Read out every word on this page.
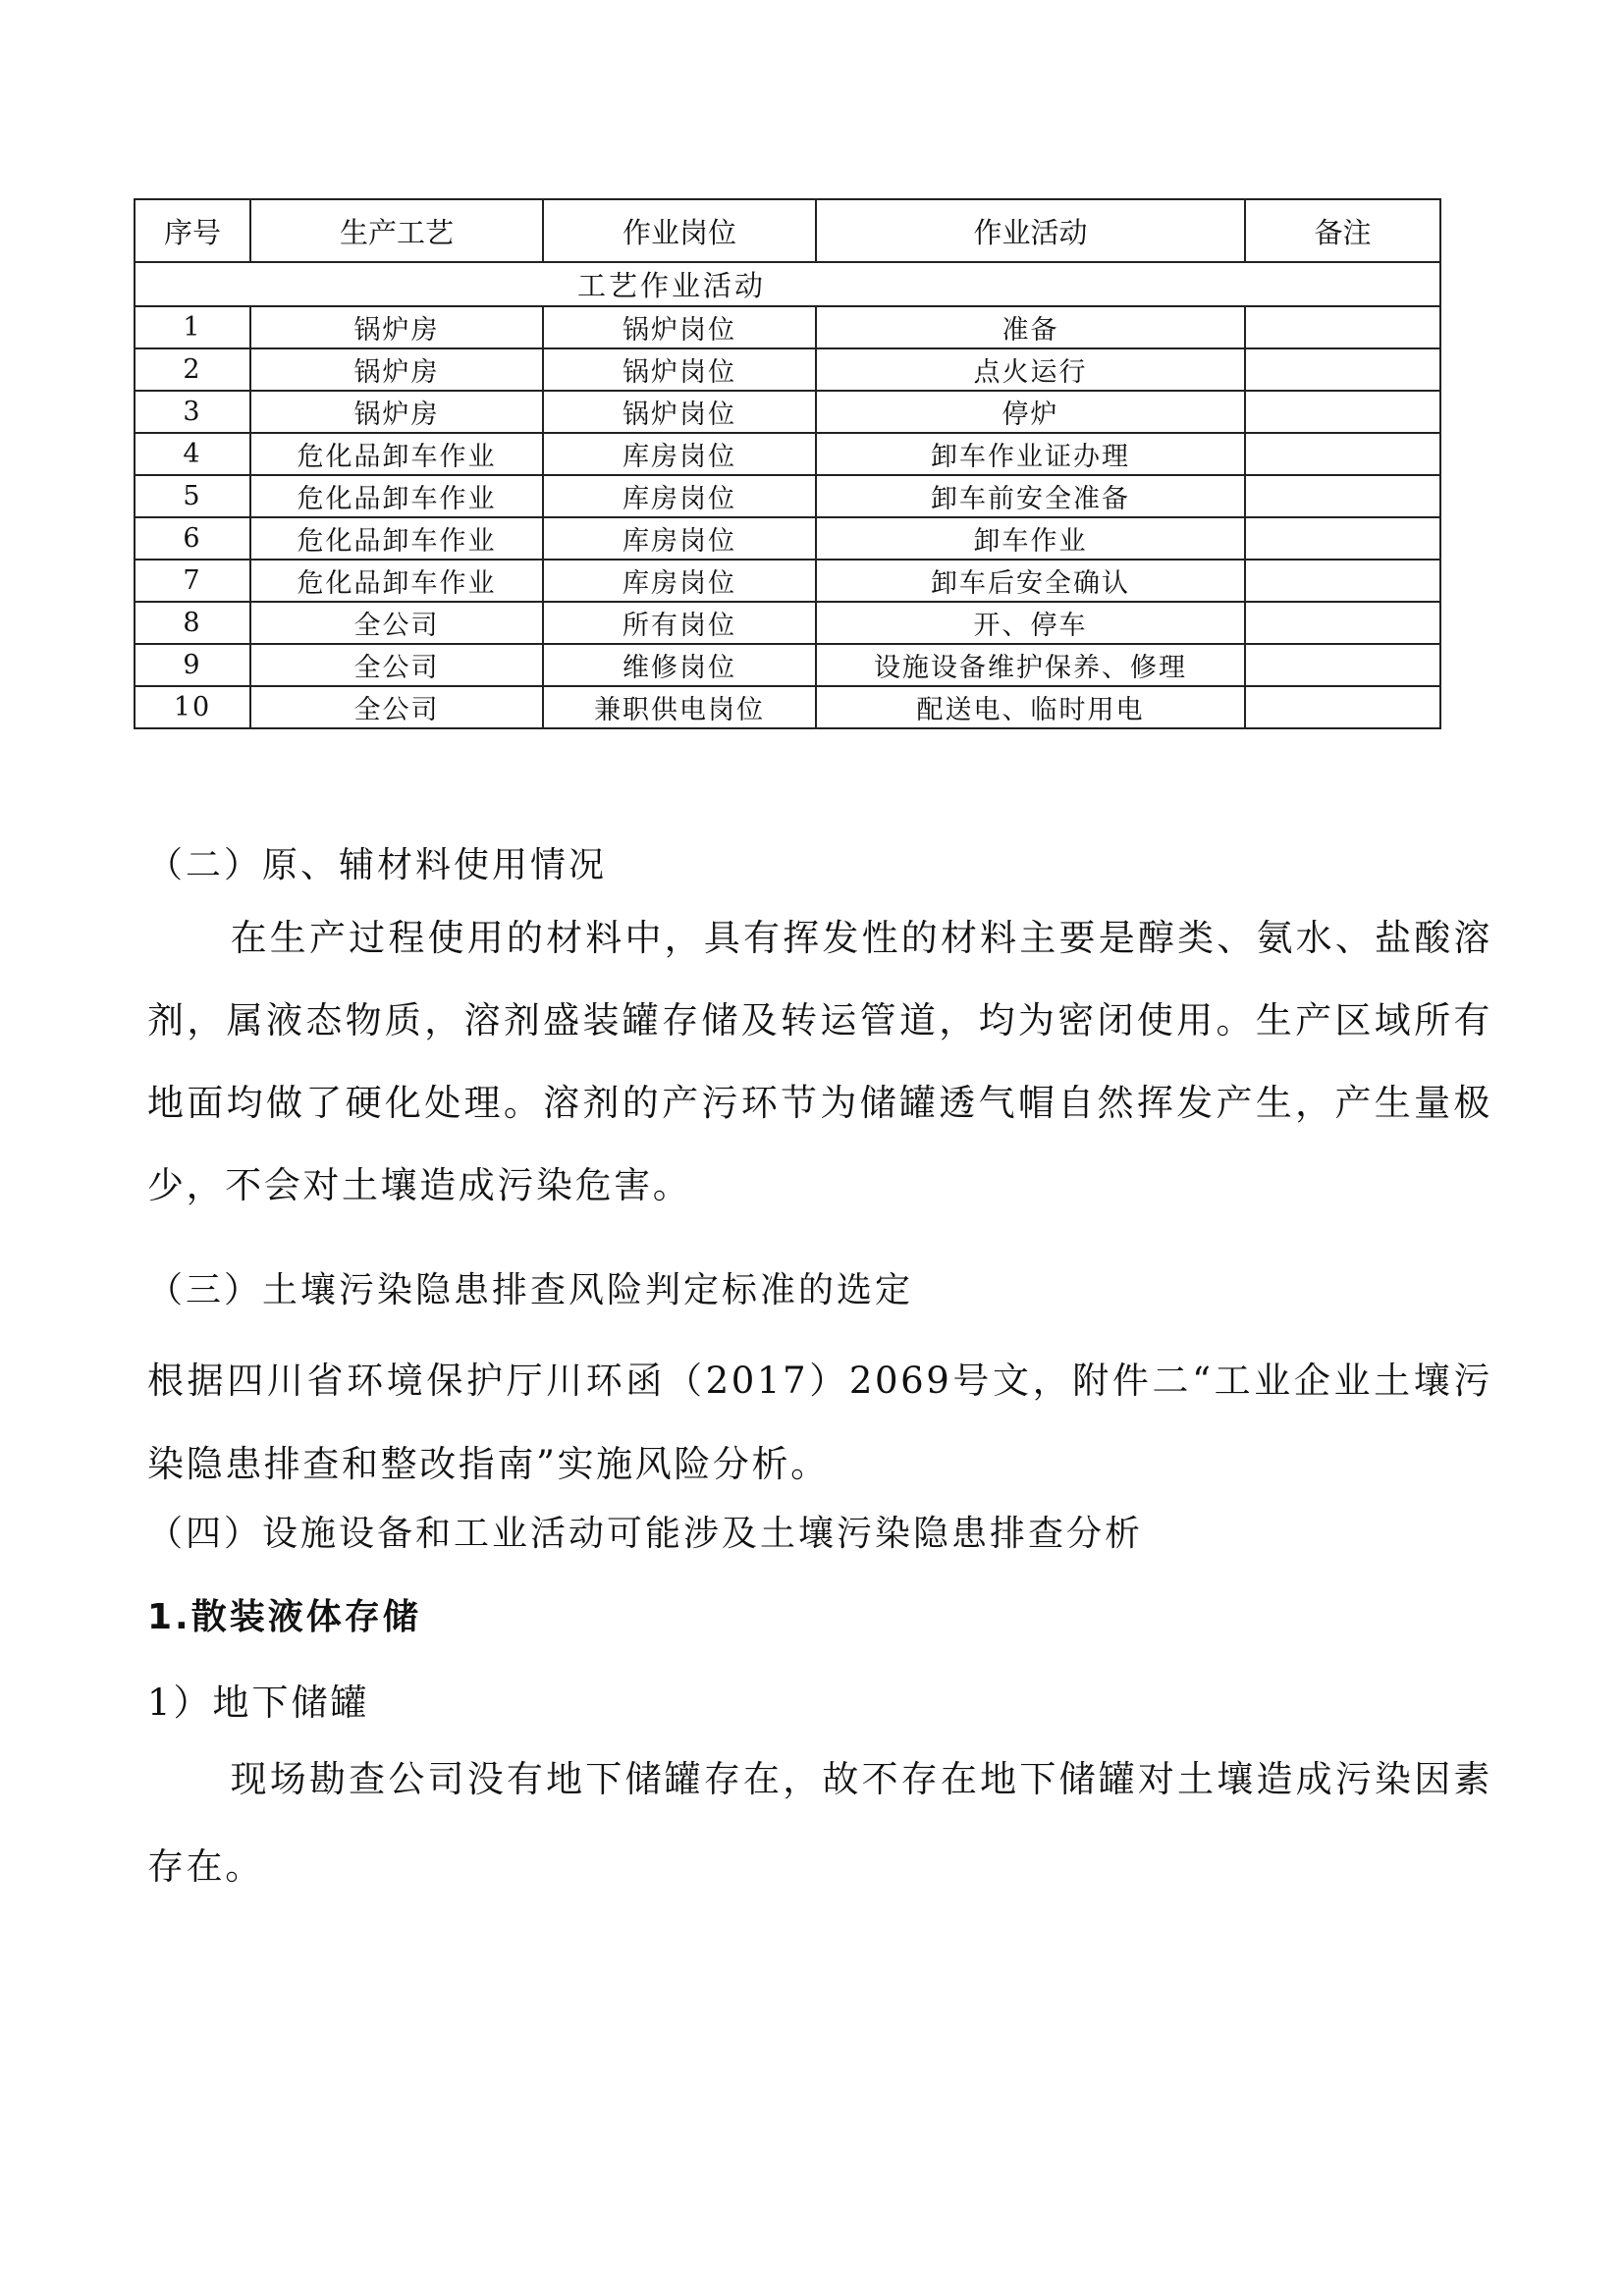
序号	生产工艺	作业岗位	作业活动	备注
工艺作业活动				
1	锅炉房	锅炉岗位	准备	
2	锅炉房	锅炉岗位	点火运行	
3	锅炉房	锅炉岗位	停炉	
4	危化品卸车作业	库房岗位	卸车作业证办理	
5	危化品卸车作业	库房岗位	卸车前安全准备	
6	危化品卸车作业	库房岗位	卸车作业	
7	危化品卸车作业	库房岗位	卸车后安全确认	
8	全公司	所有岗位	开、停车	
9	全公司	维修岗位	设施设备维护保养、修理	
10	全公司	兼职供电岗位	配送电、临时用电	
（二）原、辅材料使用情况
在生产过程使用的材料中，具有挥发性的材料主要是醇类、氨水、盐酸溶剂，属液态物质，溶剂盛装罐存储及转运管道，均为密闭使用。生产区域所有地面均做了硬化处理。溶剂的产污环节为储罐透气帽自然挥发产生，产生量极少，不会对土壤造成污染危害。
（三）土壤污染隐患排查风险判定标准的选定
根据四川省环境保护厅川环函（2017）2069号文，附件二“工业企业土壤污染隐患排查和整改指南”实施风险分析。
（四）设施设备和工业活动可能涉及土壤污染隐患排查分析
1.散装液体存储
1）地下储罐
现场勘查公司没有地下储罐存在，故不存在地下储罐对土壤造成污染因素存在。
